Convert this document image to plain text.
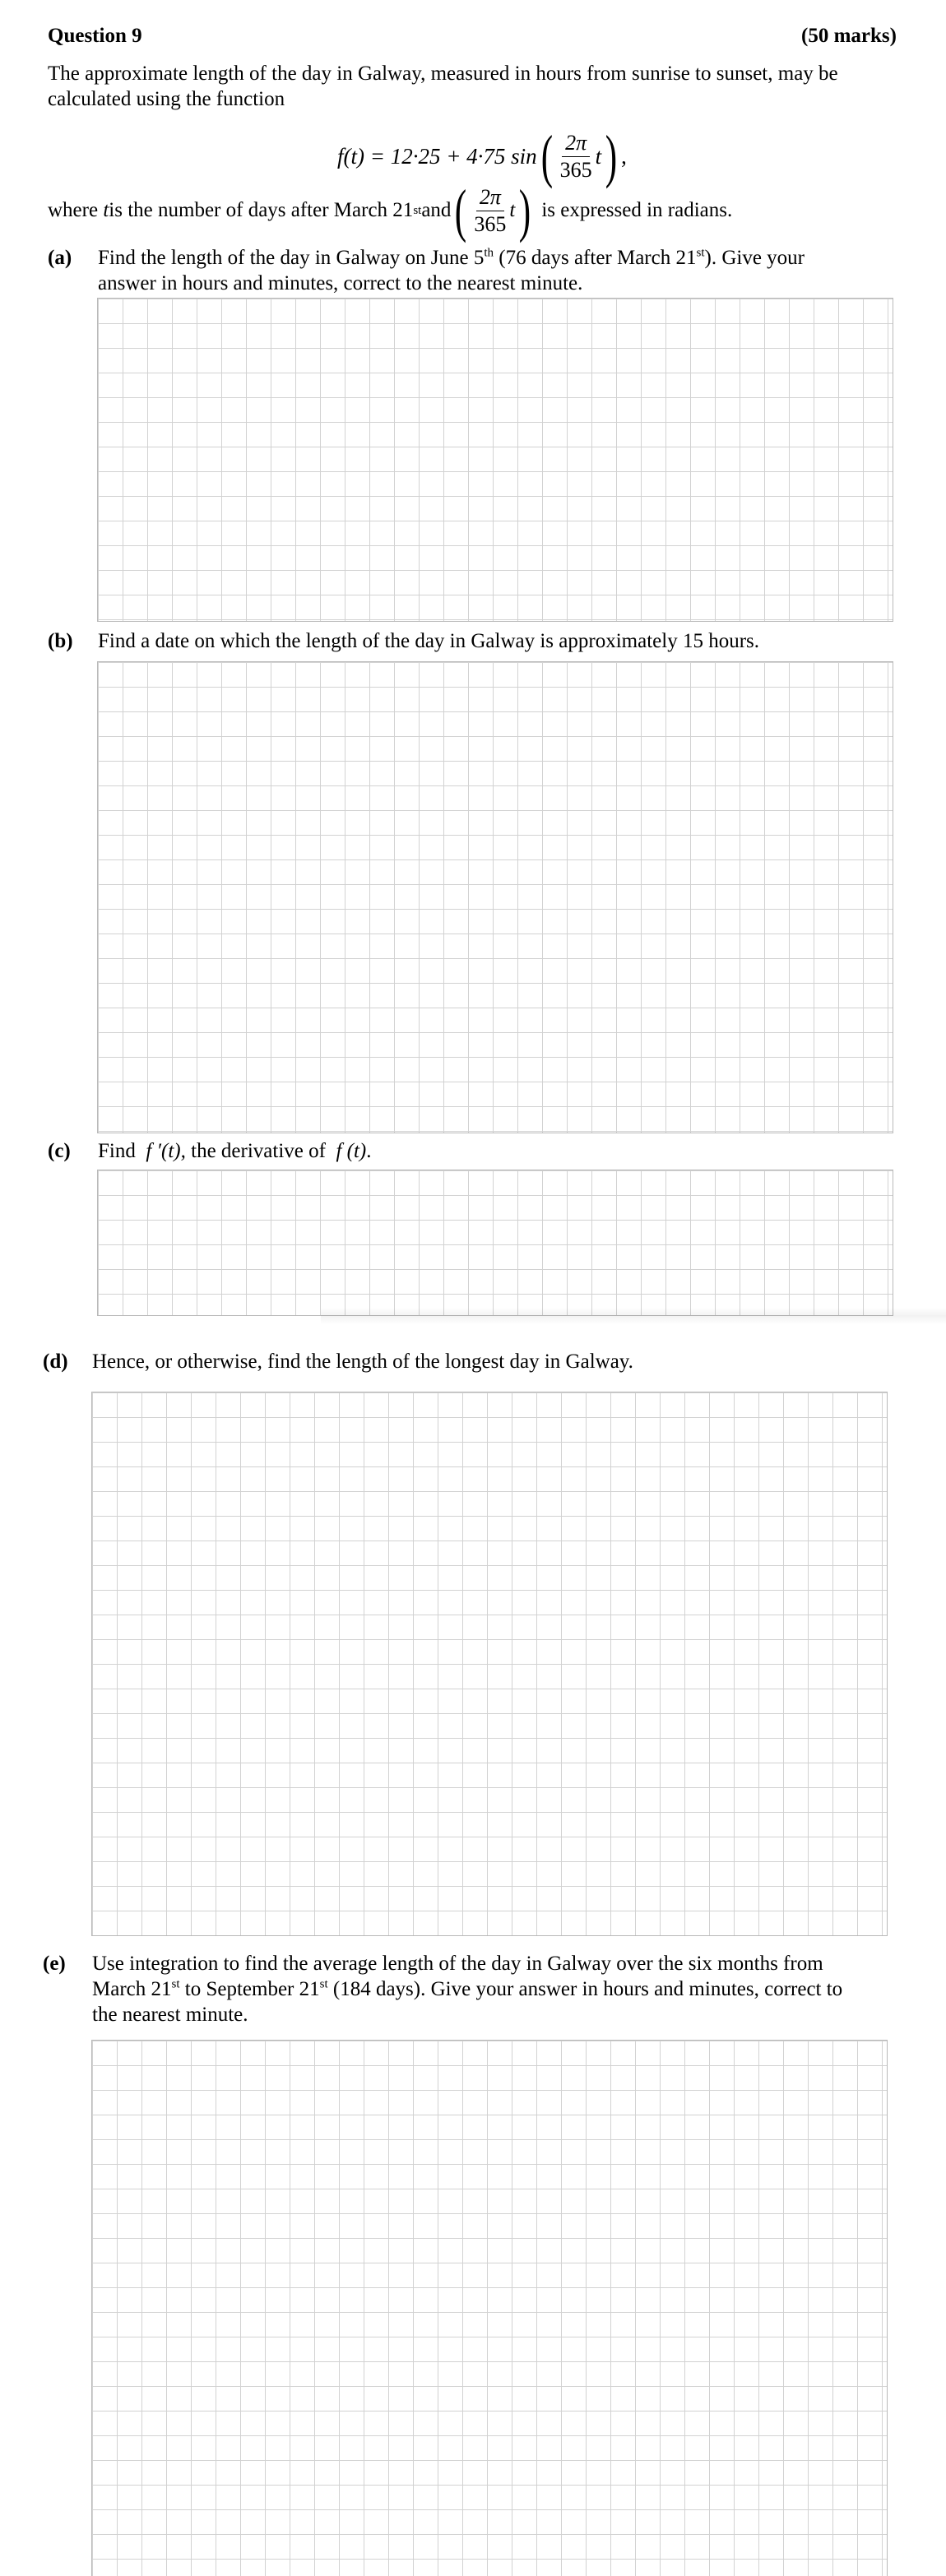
Question 9	(50 marks)
The approximate length of the day in Galway, measured in hours from sunrise to sunset, may be calculated using the function
f(t) = 12·25 + 4·75 sin ( $\frac{2\pi}{365}$ t ) ,
where
t is the number of days after March 21 st and ( $\frac{2\pi}{365}$ t ) is expressed in radians.
(a) Find the length of the day in Galway on June 5th (76 days after March 21st). Give your
answer in hours and minutes, correct to the nearest minute.
(b) Find a date on which the length of the day in Galway is approximately 15 hours.
(c) Find  f ′(t), the derivative of  f (t).
(d) Hence, or otherwise, find the length of the longest day in Galway.
(e) Use integration to find the average length of the day in Galway over the six months from
March 21st to September 21st (184 days). Give your answer in hours and minutes, correct to
the nearest minute.
